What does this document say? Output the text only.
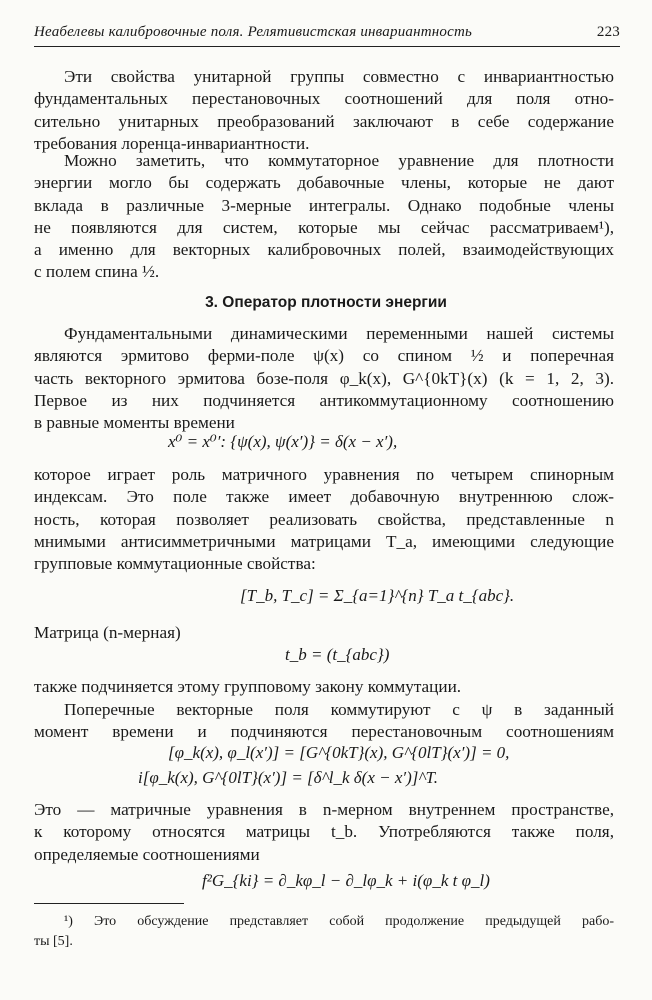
Неабелевы калибровочные поля. Релятивистская инвариантность	223
Эти свойства унитарной группы совместно с инвариантностью
фундаментальных перестановочных соотношений для поля отно-
сительно унитарных преобразований заключают в себе содержание
требования лоренца-инвариантности.
Можно заметить, что коммутаторное уравнение для плотности
энергии могло бы содержать добавочные члены, которые не дают
вклада в различные 3-мерные интегралы. Однако подобные члены
не появляются для систем, которые мы сейчас рассматриваем¹),
а именно для векторных калибровочных полей, взаимодействующих
с полем спина ½.
3. Оператор плотности энергии
Фундаментальными динамическими переменными нашей системы
являются эрмитово ферми-поле ψ(x) со спином ½ и поперечная
часть векторного эрмитова бозе-поля φ_k(x), G^{0kT}(x) (k = 1, 2, 3).
Первое из них подчиняется антикоммутационному соотношению
в равные моменты времени
x⁰ = x⁰′: {ψ(x), ψ(x′)} = δ(x − x′),
которое играет роль матричного уравнения по четырем спинорным
индексам. Это поле также имеет добавочную внутреннюю слож-
ность, которая позволяет реализовать свойства, представленные n
мнимыми антисимметричными матрицами T_a, имеющими следующие
групповые коммутационные свойства:
[T_b, T_c] = Σ_{a=1}^{n} T_a t_{abc}.
Матрица (n-мерная)
t_b = (t_{abc})
также подчиняется этому групповому закону коммутации.
Поперечные векторные поля коммутируют с ψ в заданный
момент времени и подчиняются перестановочным соотношениям
[φ_k(x), φ_l(x′)] = [G^{0kT}(x), G^{0lT}(x′)] = 0,
i[φ_k(x), G^{0lT}(x′)] = [δ^l_k δ(x − x′)]^T.
Это — матричные уравнения в n-мерном внутреннем пространстве,
к которому относятся матрицы t_b. Употребляются также поля,
определяемые соотношениями
f²G_{ki} = ∂_kφ_l − ∂_lφ_k + i(φ_k t φ_l)
¹) Это обсуждение представляет собой продолжение предыдущей рабо-
ты [5].
